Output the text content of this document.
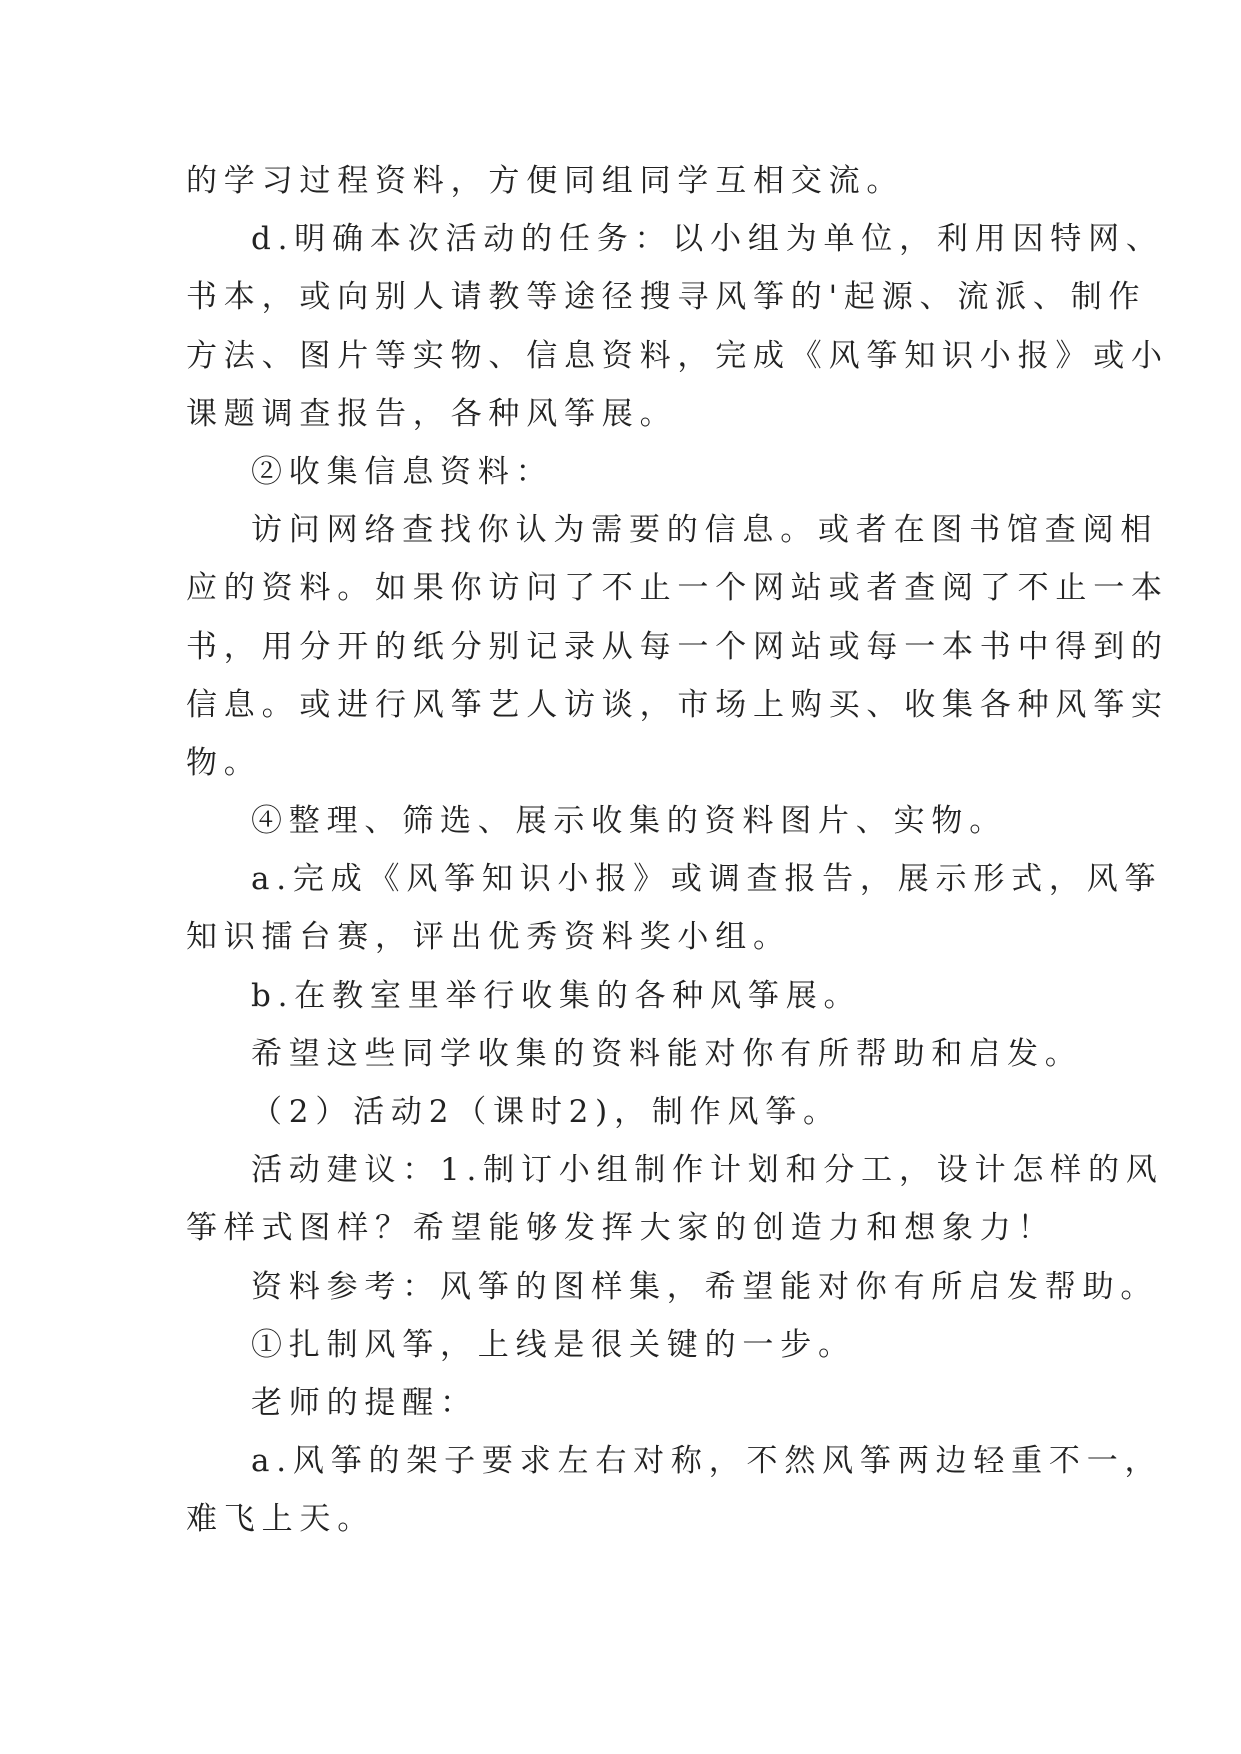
的学习过程资料，方便同组同学互相交流。

d.明确本次活动的任务：以小组为单位，利用因特网、

书本，或向别人请教等途径搜寻风筝的'起源、流派、制作

方法、图片等实物、信息资料，完成《风筝知识小报》或小

课题调查报告，各种风筝展。

②收集信息资料：

访问网络查找你认为需要的信息。或者在图书馆查阅相

应的资料。如果你访问了不止一个网站或者查阅了不止一本

书，用分开的纸分别记录从每一个网站或每一本书中得到的

信息。或进行风筝艺人访谈，市场上购买、收集各种风筝实

物。

④整理、筛选、展示收集的资料图片、实物。

a.完成《风筝知识小报》或调查报告，展示形式，风筝

知识擂台赛，评出优秀资料奖小组。

b.在教室里举行收集的各种风筝展。

希望这些同学收集的资料能对你有所帮助和启发。

（2）活动2（课时2)，制作风筝。

活动建议：1.制订小组制作计划和分工，设计怎样的风

筝样式图样？希望能够发挥大家的创造力和想象力！

资料参考：风筝的图样集，希望能对你有所启发帮助。

①扎制风筝，上线是很关键的一步。

老师的提醒：

a.风筝的架子要求左右对称，不然风筝两边轻重不一，

难飞上天。
